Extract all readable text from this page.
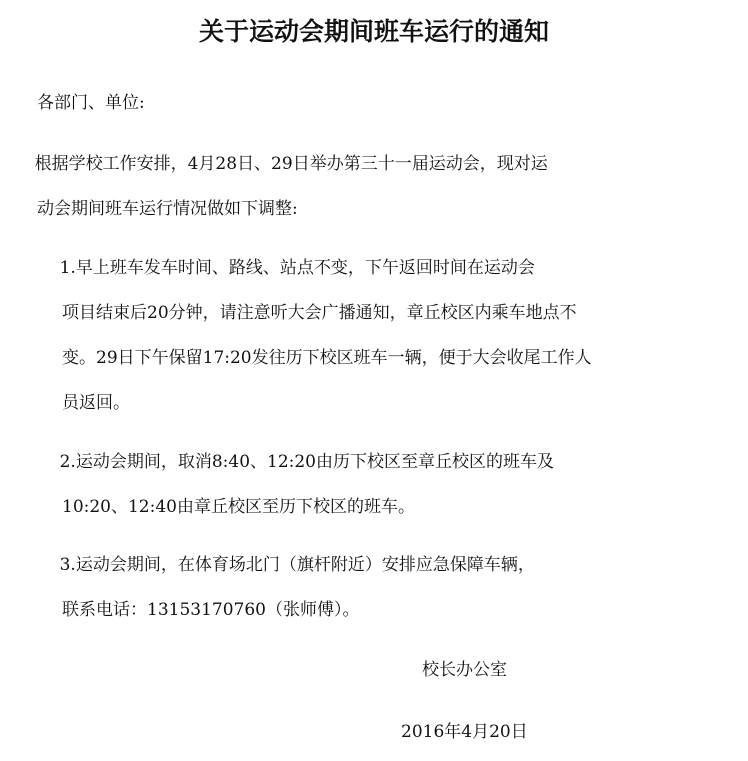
关于运动会期间班车运行的通知
各部门、单位:
根据学校工作安排，4月28日、29日举办第三十一届运动会，现对运
动会期间班车运行情况做如下调整:
1.早上班车发车时间、路线、站点不变，下午返回时间在运动会
项目结束后20分钟，请注意听大会广播通知，章丘校区内乘车地点不
变。29日下午保留17:20发往历下校区班车一辆，便于大会收尾工作人
员返回。
2.运动会期间，取消8:40、12:20由历下校区至章丘校区的班车及
10:20、12:40由章丘校区至历下校区的班车。
3.运动会期间，在体育场北门（旗杆附近）安排应急保障车辆，
联系电话：13153170760（张师傅）。
校长办公室
2016年4月20日
